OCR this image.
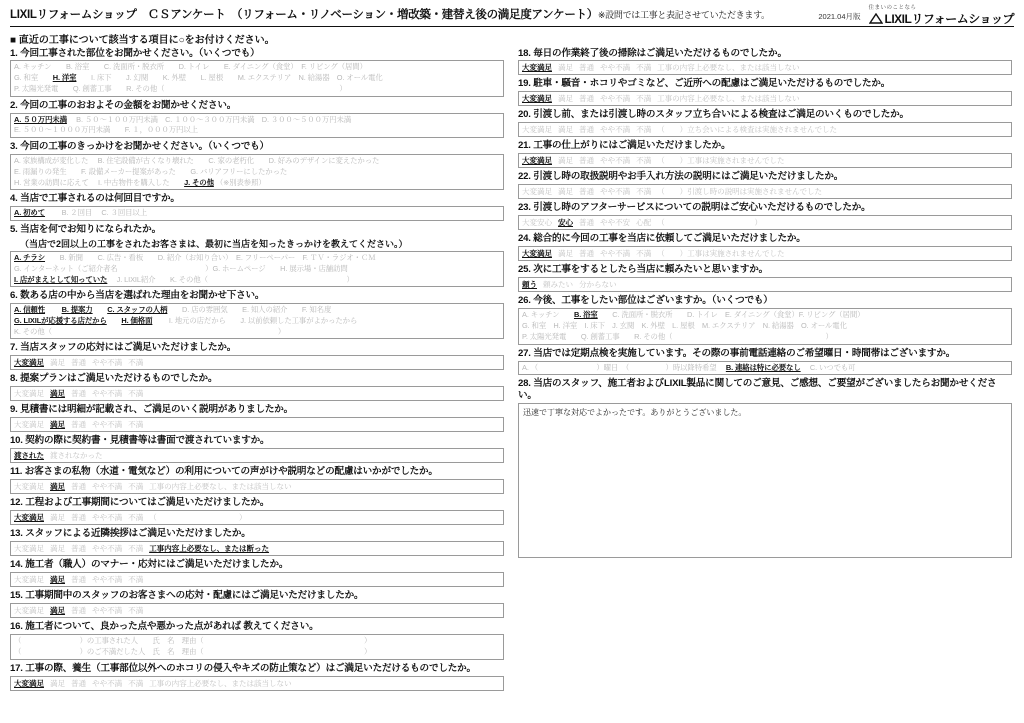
LIXILリフォームショップ　ＣＳアンケート　（リフォーム・リノベーション・増改築・建替え後の満足度アンケート）※設問では工事と表記させていただきます。	2021.04月版
住まいのことなら
LIXILリフォームショップ
■ 直近の工事について該当する項目に○をお付けください。
1. 今回工事された部位をお聞かせください。（いくつでも）
A. キッチン　　B. 浴室　　C. 洗面所・脱衣所　　D. トイレ　　E. ダイニング（食堂）　F. リビング（居間）
G. 和室　　H. 洋室　　I. 床下　　J. 幻関　　K. 外壁　　L. 屋根　　M. エクステリア　N. 給湯器　O. オール電化
P. 太陽光発電　　Q. 創蓄工事　　R. その他（　　　　　　　　　　　　　　　　　　　　　　　　）
2. 今回の工事のおおよその金額をお聞かせください。
A. ５０万円未満　 B. ５０〜１００万円未満　C. １００〜３００万円未満　D. ３００〜５００万円未満
E. ５００〜１０００万円未満　　F. １，０００万円以上
3. 今回の工事のきっかけをお聞かせください。（いくつでも）
A. 家族構成が変化した　 B. 住宅設備が古くなり壊れた　　C. 家の老朽化　　D. 好みのデザインに変えたかった
E. 雨漏りの発生　　F. 設備メーカー提案があった　　G. バリアフリーにしたかった
H. 営業の訪問に応えて　 I. 中古物件を購入した　　J. その他 （※別表参照）
4. 当店で工事されるのは何回目ですか。
A. 初めて　　 B. ２回目　 C. ３回目以上
5. 当店を何でお知りになられたか。
（当店で2回以上の工事をされたお客さまは、最初に当店を知ったきっかけを教えてください。）
A. チラシ　　B. 新聞　　C. 広告・看板　　D. 紹介（お知り合い）　E. フリーペーパー　F. ＴＶ・ラジオ・ＣＭ
G. インターネット（ご紹介者名　　　　　　　　　　　　）G. ホームページ　　H. 展示場・店舗訪問
I. 店がまえとして知っていた　 J. LIXIL紹介　　K. その他（　　　　　　　　　　　　　　　　　　　）
6. 数ある店の中から当店を選ばれた理由をお聞かせ下さい。
A. 信頼性　　 B. 提案力　　 C. スタッフの人柄　　D. 店の雰囲気　　E. 知人の紹介　　F. 知名度
G. LIXILが応援する店だから　　 H. 価格面　　 I. 地元の店だから　　J. 以前依頼した工事がよかったから
K. その他（　　　　　　　　　　　　　　　　　　　　　　　　　　　　　　　）
7. 当店スタッフの応対にはご満足いただけましたか。
大変満足 満足 普通 やや不満 不満
8. 提案プランはご満足いただけるものでしたか。
大変満足 満足 普通 やや不満 不満
9. 見積書には明細が記載され、ご満足のいく説明がありましたか。
大変満足 満足 普通 やや不満 不満
10. 契約の際に契約書・見積書等は書面で渡されていますか。
渡された 渡されなかった
11. お客さまの私物（水道・電気など）の利用についての声がけや説明などの配慮はいかがでしたか。
大変満足 満足 普通 やや不満 不満 工事の内容上必要なし、または該当しない
12. 工程および工事期間についてはご満足いただけましたか。
大変満足 満足 普通 やや不満 不満 （　　　　　　　　　　　）
13. スタッフによる近隣挨拶はご満足いただけましたか。
大変満足 満足 普通 やや不満 不満 工事内容上必要なし、または断った
14. 施工者（職人）のマナー・応対にはご満足いただけましたか。
大変満足 満足 普通 やや不満 不満
15. 工事期間中のスタッフのお客さまへの応対・配慮にはご満足いただけましたか。
大変満足 満足 普通 やや不満 不満
16. 施工者について、良かった点や悪かった点があれば 教えてください。
（　　　　　　　　）の工事された人　　氏　名　理由（　　　　　　　　　　　　　　　　　　　　　　）
（　　　　　　　　）のご不満だした人　氏　名　理由（　　　　　　　　　　　　　　　　　　　　　　）
17. 工事の際、養生（工事部位以外へのホコリの侵入やキズの防止策など）はご満足いただけるものでしたか。
大変満足 満足 普通 やや不満 不満 工事の内容上必要なし、または該当しない
18. 毎日の作業終了後の掃除はご満足いただけるものでしたか。
大変満足 満足 普通 やや不満 不満 工事の内容上必要なし、または該当しない
19. 駐車・騒音・ホコリやゴミなど、ご近所への配慮はご満足いただけるものでしたか。
大変満足 満足 普通 やや不満 不満 工事の内容上必要なし、または該当しない
20. 引渡し前、または引渡し時のスタッフ立ち合いによる検査はご満足のいくものでしたか。
大変満足 満足 普通 やや不満 不満 （　　）立ち会いによる検査は実施されませんでした
21. 工事の仕上がりにはご満足いただけましたか。
大変満足 満足 普通 やや不満 不満 （　　）工事は実施されませんでした
22. 引渡し時の取扱説明やお手入れ方法の説明にはご満足いただけましたか。
大変満足 満足 普通 やや不満 不満 （　　）引渡し時の説明は実施されませんでした
23. 引渡し時のアフターサービスについての説明はご安心いただけるものでしたか。
大変安心 安心 普通 やや不安 心配 （　　　　　　　　　　　　）
24. 総合的に今回の工事を当店に依頼してご満足いただけましたか。
大変満足 満足 普通 やや不満 不満 （　　）工事は実施されませんでした
25. 次に工事をするとしたら当店に頼みたいと思いますか。
頼う 頼みたい 分からない
26. 今後、工事をしたい部位はございますか。（いくつでも）
A. キッチン　　B. 浴室　　C. 洗面所・脱衣所　　D. トイレ　E. ダイニング（食堂）F. リビング（居間）
G. 和室　H. 洋室　I. 床下　J. 玄関　K. 外壁　L. 屋根　M. エクステリア　N. 給湯器　O. オール電化
P. 太陽光発電　　Q. 創蓄工事　　R. その他（　　　　　　　　　　　　　　　　　　　　　）
27. 当店では定期点検を実施しています。その際の事前電話連絡のご希望曜日・時間帯はございますか。
A. （　　　　　　　　）曜日　（　　　　　）時以降特希望　 B. 連絡は特に必要なし　 C. いつでも可
28. 当店のスタッフ、施工者およびLIXIL製品に関してのご意見、ご感想、ご要望がございましたらお聞かせください。
迅速で丁寧な対応でよかったです。ありがとうございました。
